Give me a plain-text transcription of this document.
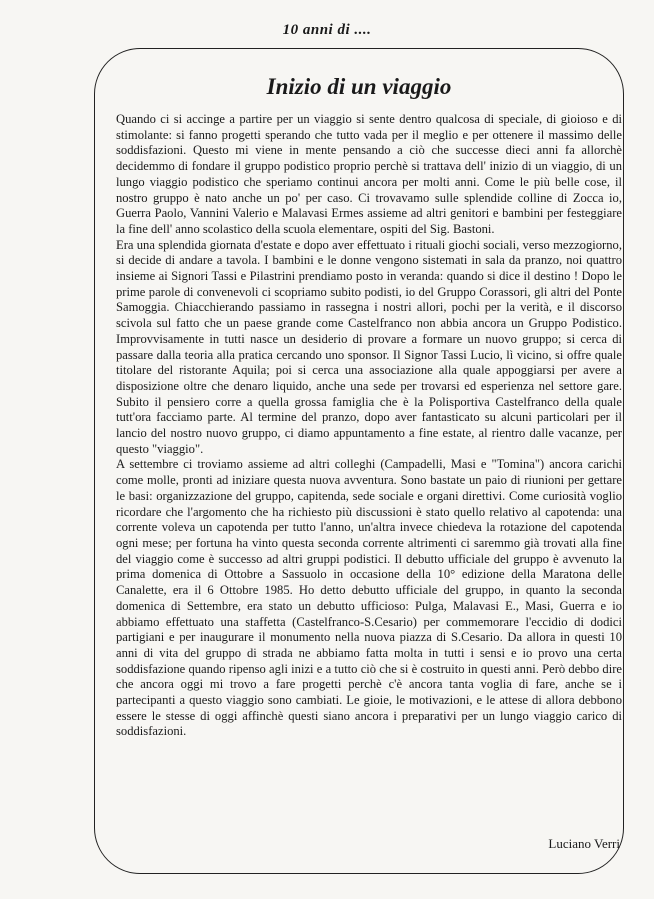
10 anni di ....
Inizio di un viaggio

Quando ci si accinge a partire per un viaggio si sente dentro qualcosa di speciale, di gioioso e di stimolante: si fanno progetti sperando che tutto vada per il meglio e per ottenere il massimo delle soddisfazioni. Questo mi viene in mente pensando a ciò che successe dieci anni fa allorchè decidemmo di fondare il gruppo podistico proprio perchè si trattava dell' inizio di un viaggio, di un lungo viaggio podistico che speriamo continui ancora per molti anni. Come le più belle cose, il nostro gruppo è nato anche un po' per caso. Ci trovavamo sulle splendide colline di Zocca io, Guerra Paolo, Vannini Valerio e Malavasi Ermes assieme ad altri genitori e bambini per festeggiare la fine dell' anno scolastico della scuola elementare, ospiti del Sig. Bastoni.

Era una splendida giornata d'estate e dopo aver effettuato i rituali giochi sociali, verso mezzogiorno, si decide di andare a tavola. I bambini e le donne vengono sistemati in sala da pranzo, noi quattro insieme ai Signori Tassi e Pilastrini prendiamo posto in veranda: quando si dice il destino ! Dopo le prime parole di convenevoli ci scopriamo subito podisti, io del Gruppo Corassori, gli altri del Ponte Samoggia. Chiacchierando passiamo in rassegna i nostri allori, pochi per la verità, e il discorso scivola sul fatto che un paese grande come Castelfranco non abbia ancora un Gruppo Podistico. Improvvisamente in tutti nasce un desiderio di provare a formare un nuovo gruppo; si cerca di passare dalla teoria alla pratica cercando uno sponsor. Il Signor Tassi Lucio, lì vicino, si offre quale titolare del ristorante Aquila; poi si cerca una associazione alla quale appoggiarsi per avere a disposizione oltre che denaro liquido, anche una sede per trovarsi ed esperienza nel settore gare. Subito il pensiero corre a quella grossa famiglia che è la Polisportiva Castelfranco della quale tutt'ora facciamo parte. Al termine del pranzo, dopo aver fantasticato su alcuni particolari per il lancio del nostro nuovo gruppo, ci diamo appuntamento a fine estate, al rientro dalle vacanze, per questo "viaggio".

A settembre ci troviamo assieme ad altri colleghi (Campadelli, Masi e "Tomina") ancora carichi come molle, pronti ad iniziare questa nuova avventura. Sono bastate un paio di riunioni per gettare le basi: organizzazione del gruppo, capitenda, sede sociale e organi direttivi. Come curiosità voglio ricordare che l'argomento che ha richiesto più discussioni è stato quello relativo al capotenda: una corrente voleva un capotenda per tutto l'anno, un'altra invece chiedeva la rotazione del capotenda ogni mese; per fortuna ha vinto questa seconda corrente altrimenti ci saremmo già trovati alla fine del viaggio come è successo ad altri gruppi podistici. Il debutto ufficiale del gruppo è avvenuto la prima domenica di Ottobre a Sassuolo in occasione della 10° edizione della Maratona delle Canalette, era il 6 Ottobre 1985. Ho detto debutto ufficiale del gruppo, in quanto la seconda domenica di Settembre, era stato un debutto ufficioso: Pulga, Malavasi E., Masi, Guerra e io abbiamo effettuato una staffetta (Castelfranco-S.Cesario) per commemorare l'eccidio di dodici partigiani e per inaugurare il monumento nella nuova piazza di S.Cesario. Da allora in questi 10 anni di vita del gruppo di strada ne abbiamo fatta molta in tutti i sensi e io provo una certa soddisfazione quando ripenso agli inizi e a tutto ciò che si è costruito in questi anni. Però debbo dire che ancora oggi mi trovo a fare progetti perchè c'è ancora tanta voglia di fare, anche se i partecipanti a questo viaggio sono cambiati. Le gioie, le motivazioni, e le attese di allora debbono essere le stesse di oggi affinchè questi siano ancora i preparativi per un lungo viaggio carico di soddisfazioni.

Luciano Verri
